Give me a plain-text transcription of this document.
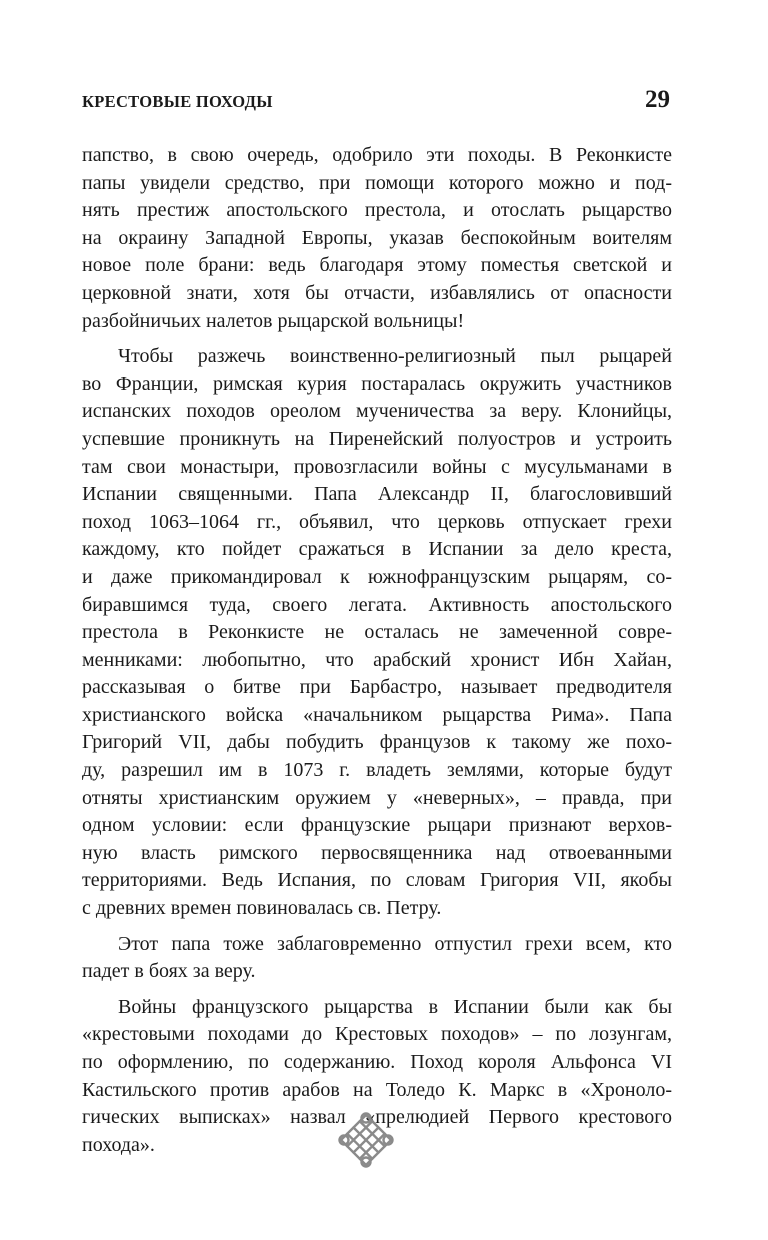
КРЕСТОВЫЕ ПОХОДЫ	29
папство, в свою очередь, одобрило эти походы. В Реконкисте
папы увидели средство, при помощи которого можно и под-
нять престиж апостольского престола, и отослать рыцарство
на окраину Западной Европы, указав беспокойным воителям
новое поле брани: ведь благодаря этому поместья светской и
церковной знати, хотя бы отчасти, избавлялись от опасности
разбойничьих налетов рыцарской вольницы!
Чтобы разжечь воинственно-религиозный пыл рыцарей
во Франции, римская курия постаралась окружить участников
испанских походов ореолом мученичества за веру. Клонийцы,
успевшие проникнуть на Пиренейский полуостров и устроить
там свои монастыри, провозгласили войны с мусульманами в
Испании священными. Папа Александр II, благословивший
поход 1063–1064 гг., объявил, что церковь отпускает грехи
каждому, кто пойдет сражаться в Испании за дело креста,
и даже прикомандировал к южнофранцузским рыцарям, со-
биравшимся туда, своего легата. Активность апостольского
престола в Реконкисте не осталась не замеченной совре-
менниками: любопытно, что арабский хронист Ибн Хайан,
рассказывая о битве при Барбастро, называет предводителя
христианского войска «начальником рыцарства Рима». Папа
Григорий VII, дабы побудить французов к такому же похо-
ду, разрешил им в 1073 г. владеть землями, которые будут
отняты христианским оружием у «неверных», – правда, при
одном условии: если французские рыцари признают верхов-
ную власть римского первосвященника над отвоеванными
территориями. Ведь Испания, по словам Григория VII, якобы
с древних времен повиновалась св. Петру.
Этот папа тоже заблаговременно отпустил грехи всем, кто
падет в боях за веру.
Войны французского рыцарства в Испании были как бы
«крестовыми походами до Крестовых походов» – по лозунгам,
по оформлению, по содержанию. Поход короля Альфонса VI
Кастильского против арабов на Толедо К. Маркс в «Хроноло-
гических выписках» назвал «прелюдией Первого крестового
похода».
